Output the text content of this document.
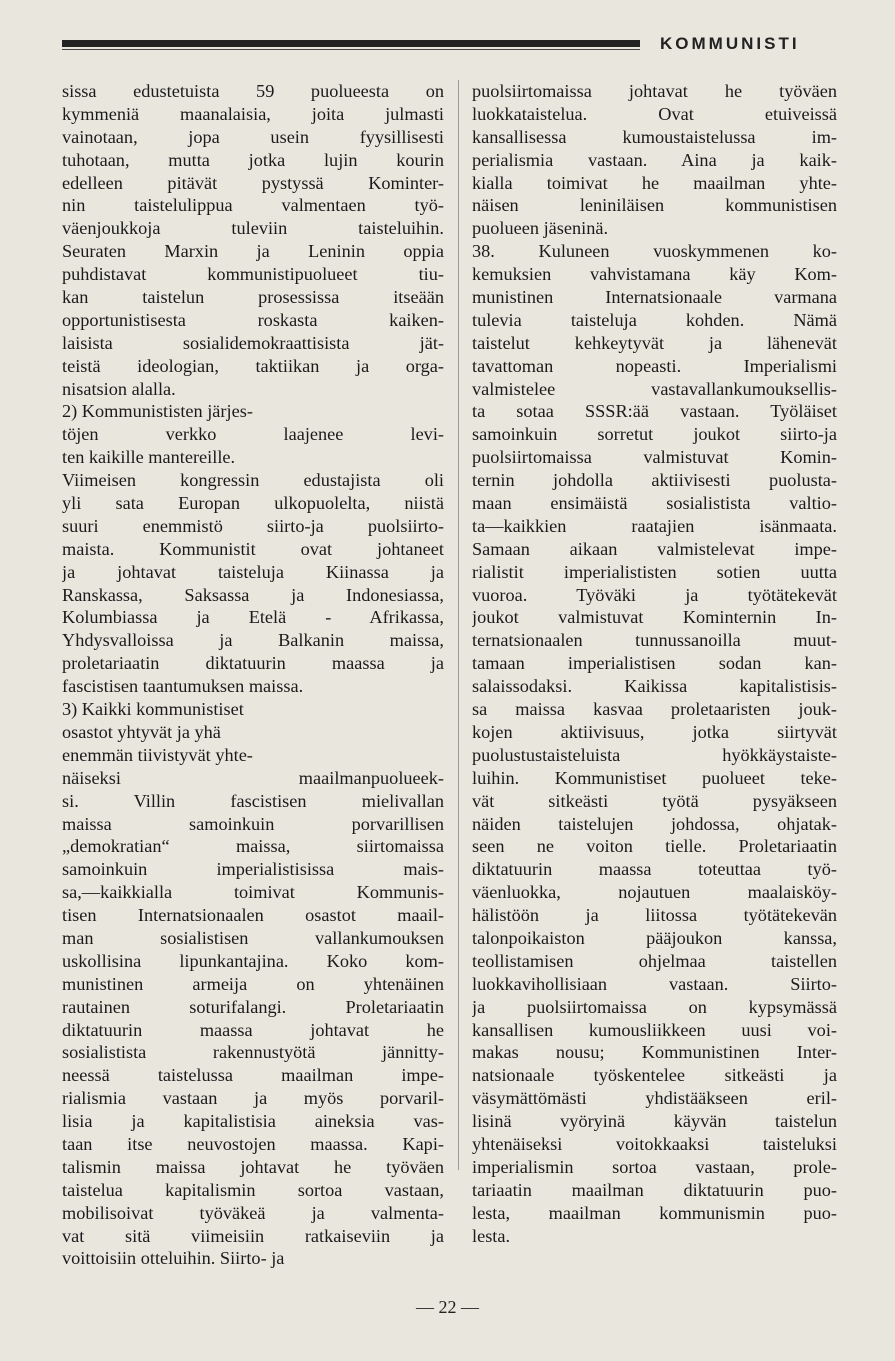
KOMMUNISTI
sissa edustetuista 59 puolueesta on
kymmeniä maanalaisia, joita julmasti
vainotaan, jopa usein fyysillisesti
tuhotaan, mutta jotka lujin kourin
edelleen pitävät pystyssä Kominter-
nin taistelulippua valmentaen työ-
väenjoukkoja tuleviin taisteluihin.
Seuraten Marxin ja Leninin oppia
puhdistavat kommunistipuolueet tiu-
kan taistelun prosessissa itseään
opportunistisesta roskasta kaiken-
laisista sosialidemokraattisista jät-
teistä ideologian, taktiikan ja orga-
nisatsion alalla.
2) Kommunististen järjes-
töjen verkko laajenee levi-
ten kaikille mantereille.
Viimeisen kongressin edustajista oli
yli sata Europan ulkopuolelta, niistä
suuri enemmistö siirto-ja puolsiirto-
maista. Kommunistit ovat johtaneet
ja johtavat taisteluja Kiinassa ja
Ranskassa, Saksassa ja Indonesiassa,
Kolumbiassa ja Etelä - Afrikassa,
Yhdysvalloissa ja Balkanin maissa,
proletariaatin diktatuurin maassa ja
fascistisen taantumuksen maissa.
3) Kaikki kommunistiset
osastot yhtyvät ja yhä
enemmän tiivistyvät yhte-
näiseksi maailmanpuolueek-
si. Villin fascistisen mielivallan
maissa samoinkuin porvarillisen
„demokratian“ maissa, siirtomaissa
samoinkuin imperialistisissa mais-
sa,—kaikkialla toimivat Kommunis-
tisen Internatsionaalen osastot maail-
man sosialistisen vallankumouksen
uskollisina lipunkantajina. Koko kom-
munistinen armeija on yhtenäinen
rautainen soturifalangi. Proletariaatin
diktatuurin maassa johtavat he
sosialistista rakennustyötä jännitty-
neessä taistelussa maailman impe-
rialismia vastaan ja myös porvaril-
lisia ja kapitalistisia aineksia vas-
taan itse neuvostojen maassa. Kapi-
talismin maissa johtavat he työväen
taistelua kapitalismin sortoa vastaan,
mobilisoivat työväkeä ja valmenta-
vat sitä viimeisiin ratkaiseviin ja
voittoisiin otteluihin. Siirto- ja
puolsiirtomaissa johtavat he työväen
luokkataistelua. Ovat etuiveissä
kansallisessa kumoustaistelussa im-
perialismia vastaan. Aina ja kaik-
kialla toimivat he maailman yhte-
näisen leniniläisen kommunistisen
puolueen jäseninä.
38. Kuluneen vuoskymmenen ko-
kemuksien vahvistamana käy Kom-
munistinen Internatsionaale varmana
tulevia taisteluja kohden. Nämä
taistelut kehkeytyvät ja lähenevät
tavattoman nopeasti. Imperialismi
valmistelee vastavallankumouksellis-
ta sotaa SSSR:ää vastaan. Työläiset
samoinkuin sorretut joukot siirto-ja
puolsiirtomaissa valmistuvat Komin-
ternin johdolla aktiivisesti puolusta-
maan ensimäistä sosialistista valtio-
ta—kaikkien raatajien isänmaata.
Samaan aikaan valmistelevat impe-
rialistit imperialististen sotien uutta
vuoroa. Työväki ja työtätekevät
joukot valmistuvat Kominternin In-
ternatsionaalen tunnussanoilla muut-
tamaan imperialistisen sodan kan-
salaissodaksi. Kaikissa kapitalistisis-
sa maissa kasvaa proletaaristen jouk-
kojen aktiivisuus, jotka siirtyvät
puolustustaisteluista hyökkäystaiste-
luihin. Kommunistiset puolueet teke-
vät sitkeästi työtä pysyäkseen
näiden taistelujen johdossa, ohjatak-
seen ne voiton tielle. Proletariaatin
diktatuurin maassa toteuttaa työ-
väenluokka, nojautuen maalaisköy-
hälistöön ja liitossa työtätekevän
talonpoikaiston pääjoukon kanssa,
teollistamisen ohjelmaa taistellen
luokkavihollisiaan vastaan. Siirto-
ja puolsiirtomaissa on kypsymässä
kansallisen kumousliikkeen uusi voi-
makas nousu; Kommunistinen Inter-
natsionaale työskentelee sitkeästi ja
väsymättömästi yhdistääkseen eril-
lisinä vyöryinä käyvän taistelun
yhtenäiseksi voitokkaaksi taisteluksi
imperialismin sortoa vastaan, prole-
tariaatin maailman diktatuurin puo-
lesta, maailman kommunismin puo-
lesta.
— 22 —
